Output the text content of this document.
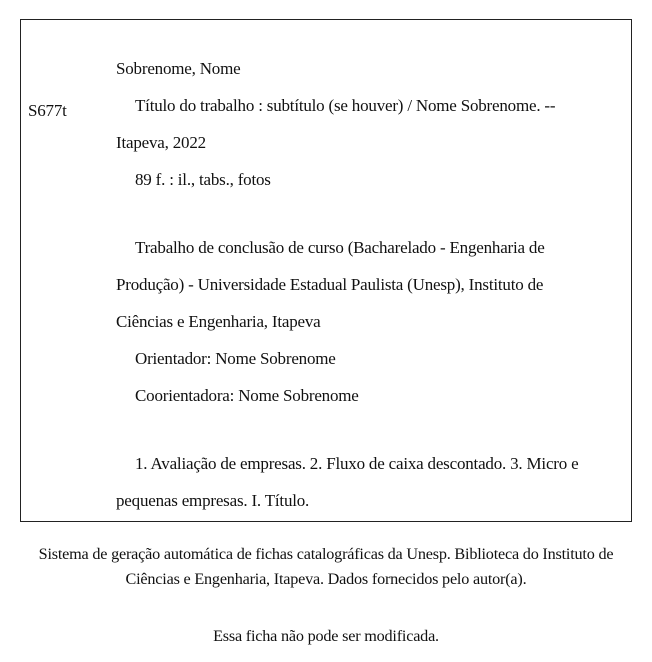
S677t
Sobrenome, Nome
Título do trabalho : subtítulo (se houver) / Nome Sobrenome. --
Itapeva, 2022
89 f. : il., tabs., fotos
Trabalho de conclusão de curso (Bacharelado - Engenharia de
Produção) - Universidade Estadual Paulista (Unesp), Instituto de
Ciências e Engenharia, Itapeva
Orientador: Nome Sobrenome
Coorientadora: Nome Sobrenome
1. Avaliação de empresas. 2. Fluxo de caixa descontado. 3. Micro e
pequenas empresas. I. Título.
Sistema de geração automática de fichas catalográficas da Unesp. Biblioteca do Instituto de
Ciências e Engenharia, Itapeva. Dados fornecidos pelo autor(a).
Essa ficha não pode ser modificada.
